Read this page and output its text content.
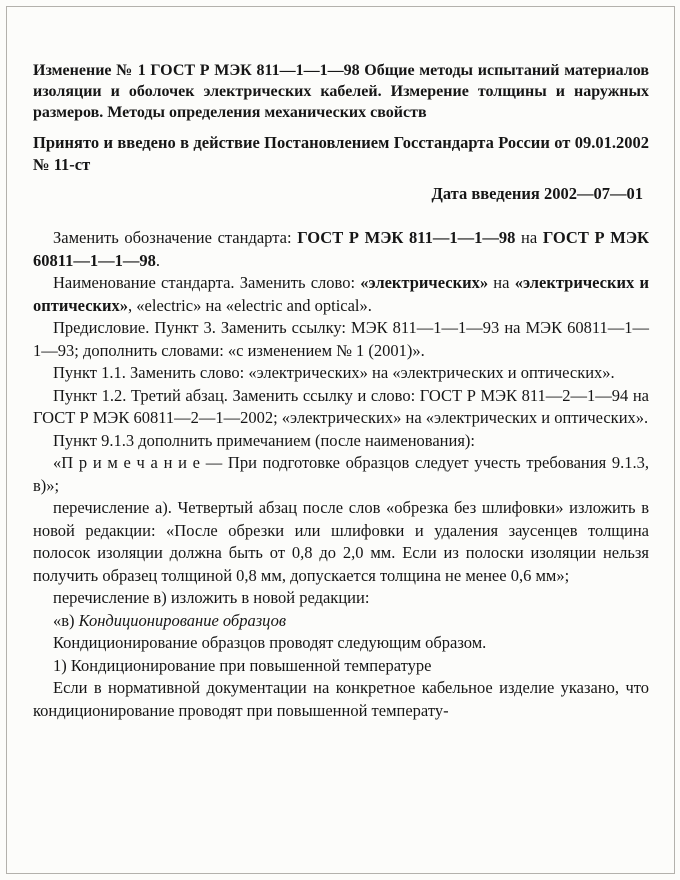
Изменение № 1 ГОСТ Р МЭК 811—1—1—98 Общие методы испытаний материалов изоляции и оболочек электрических кабелей. Измерение толщины и наружных размеров. Методы определения механических свойств

Принято и введено в действие Постановлением Госстандарта России от 09.01.2002 № 11-ст

Дата введения 2002—07—01

Заменить обозначение стандарта: ГОСТ Р МЭК 811—1—1—98 на ГОСТ Р МЭК 60811—1—1—98.

Наименование стандарта. Заменить слово: «электрических» на «электрических и оптических», «electric» на «electric and optical».

Предисловие. Пункт 3. Заменить ссылку: МЭК 811—1—1—93 на МЭК 60811—1—1—93; дополнить словами: «с изменением № 1 (2001)».

Пункт 1.1. Заменить слово: «электрических» на «электрических и оптических».

Пункт 1.2. Третий абзац. Заменить ссылку и слово: ГОСТ Р МЭК 811—2—1—94 на ГОСТ Р МЭК 60811—2—1—2002; «электрических» на «электрических и оптических».

Пункт 9.1.3 дополнить примечанием (после наименования):

«П р и м е ч а н и е — При подготовке образцов следует учесть требования 9.1.3, в)»;

перечисление а). Четвертый абзац после слов «обрезка без шлифовки» изложить в новой редакции: «После обрезки или шлифовки и удаления заусенцев толщина полосок изоляции должна быть от 0,8 до 2,0 мм. Если из полоски изоляции нельзя получить образец толщиной 0,8 мм, допускается толщина не менее 0,6 мм»;

перечисление в) изложить в новой редакции:

«в) Кондиционирование образцов

Кондиционирование образцов проводят следующим образом.

1) Кондиционирование при повышенной температуре

Если в нормативной документации на конкретное кабельное изделие указано, что кондиционирование проводят при повышенной температу-
